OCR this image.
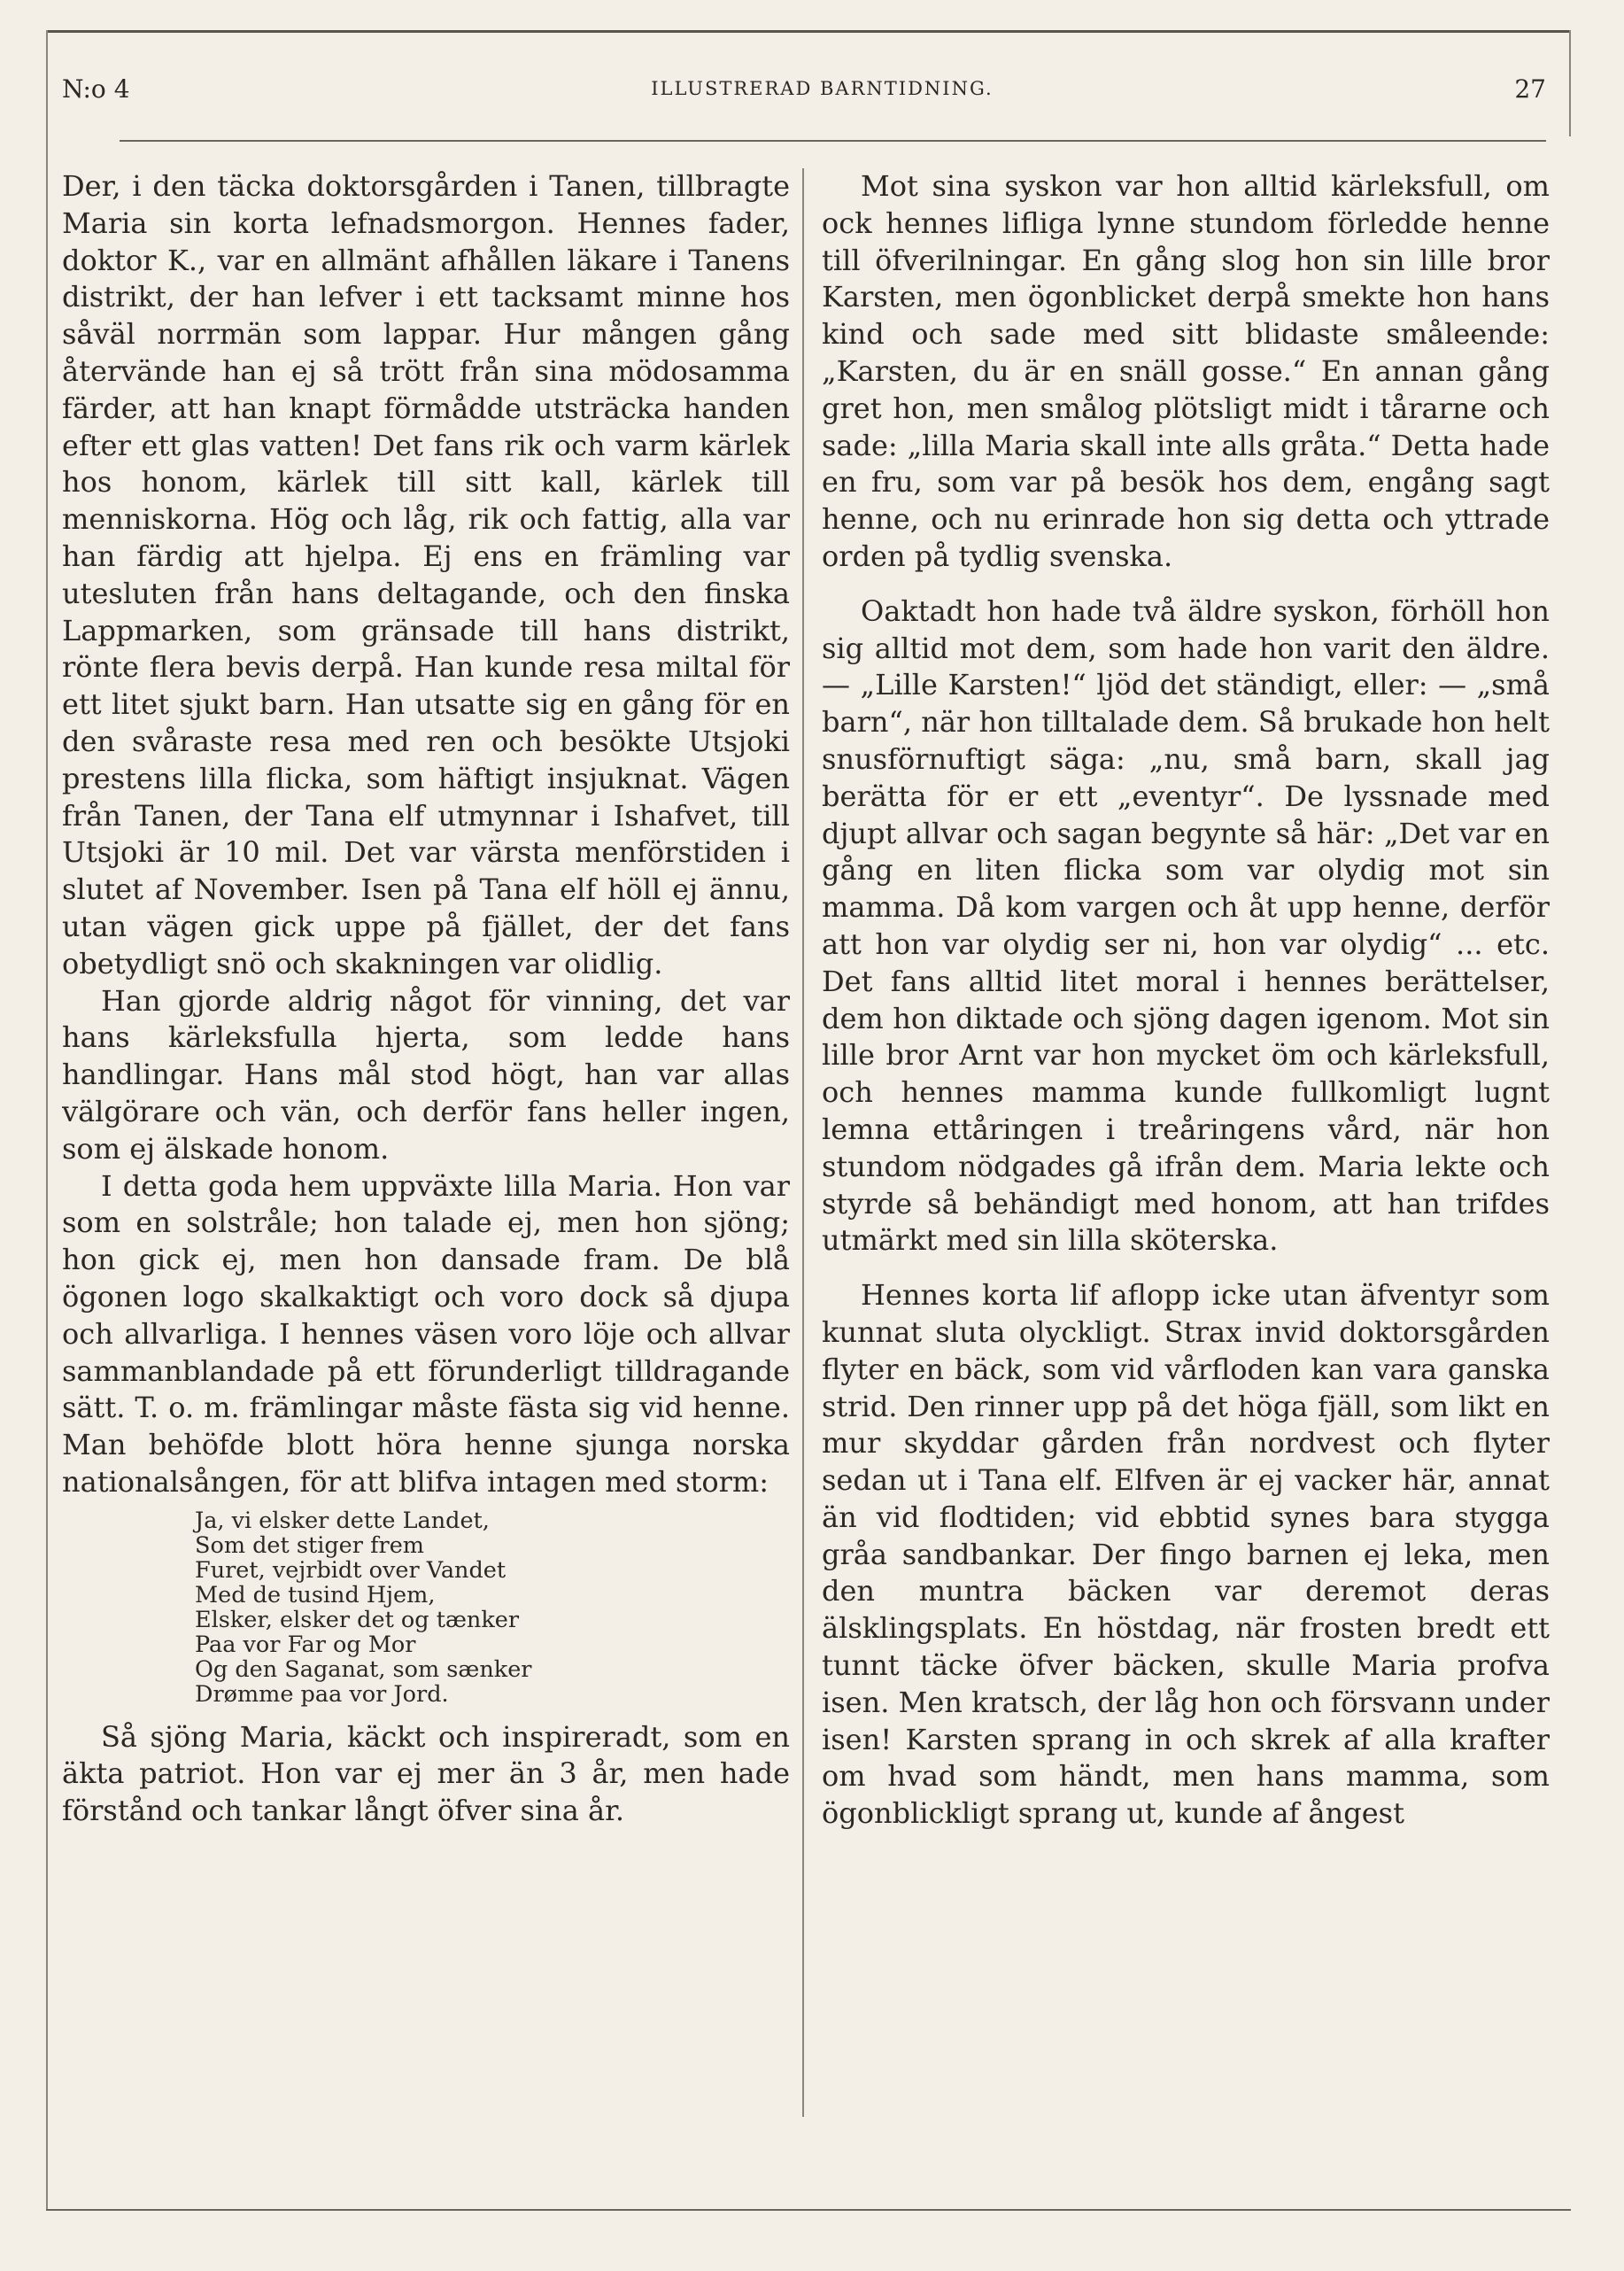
N:o 4	ILLUSTRERAD BARNTIDNING.	27

Der, i den täcka doktorsgården i Tanen, tillbragte Maria sin korta lefnadsmorgon. Hennes fader, doktor K., var en allmänt afhållen läkare i Tanens distrikt, der han lefver i ett tacksamt minne hos såväl norrmän som lappar. Hur mången gång återvände han ej så trött från sina mödosamma färder, att han knapt förmådde utsträcka handen efter ett glas vatten! Det fans rik och varm kärlek hos honom, kärlek till sitt kall, kärlek till menniskorna. Hög och låg, rik och fattig, alla var han färdig att hjelpa. Ej ens en främling var utesluten från hans deltagande, och den finska Lappmarken, som gränsade till hans distrikt, rönte flera bevis derpå. Han kunde resa miltal för ett litet sjukt barn. Han utsatte sig en gång för en den svåraste resa med ren och besökte Utsjoki prestens lilla flicka, som häftigt insjuknat. Vägen från Tanen, der Tana elf utmynnar i Ishafvet, till Utsjoki är 10 mil. Det var värsta menförstiden i slutet af November. Isen på Tana elf höll ej ännu, utan vägen gick uppe på fjället, der det fans obetydligt snö och skakningen var olidlig.

Han gjorde aldrig något för vinning, det var hans kärleksfulla hjerta, som ledde hans handlingar. Hans mål stod högt, han var allas välgörare och vän, och derför fans heller ingen, som ej älskade honom.

I detta goda hem uppväxte lilla Maria. Hon var som en solstråle; hon talade ej, men hon sjöng; hon gick ej, men hon dansade fram. De blå ögonen logo skalkaktigt och voro dock så djupa och allvarliga. I hennes väsen voro löje och allvar sammanblandade på ett förunderligt tilldragande sätt. T. o. m. främlingar måste fästa sig vid henne. Man behöfde blott höra henne sjunga norska nationalsången, för att blifva intagen med storm:

Ja, vi elsker dette Landet,
Som det stiger frem
Furet, vejrbidt over Vandet
Med de tusind Hjem,
Elsker, elsker det og tænker
Paa vor Far og Mor
Og den Saganat, som sænker
Drømme paa vor Jord.

Så sjöng Maria, käckt och inspireradt, som en äkta patriot. Hon var ej mer än 3 år, men hade förstånd och tankar långt öfver sina år.

Mot sina syskon var hon alltid kärleksfull, om ock hennes lifliga lynne stundom förledde henne till öfverilningar. En gång slog hon sin lille bror Karsten, men ögonblicket derpå smekte hon hans kind och sade med sitt blidaste småleende: „Karsten, du är en snäll gosse.“ En annan gång gret hon, men smålog plötsligt midt i tårarne och sade: „lilla Maria skall inte alls gråta.“ Detta hade en fru, som var på besök hos dem, engång sagt henne, och nu erinrade hon sig detta och yttrade orden på tydlig svenska.

Oaktadt hon hade två äldre syskon, förhöll hon sig alltid mot dem, som hade hon varit den äldre. — „Lille Karsten!“ ljöd det ständigt, eller: — „små barn“, när hon tilltalade dem. Så brukade hon helt snusförnuftigt säga: „nu, små barn, skall jag berätta för er ett „eventyr“. De lyssnade med djupt allvar och sagan begynte så här: „Det var en gång en liten flicka som var olydig mot sin mamma. Då kom vargen och åt upp henne, derför att hon var olydig ser ni, hon var olydig“ ... etc. Det fans alltid litet moral i hennes berättelser, dem hon diktade och sjöng dagen igenom. Mot sin lille bror Arnt var hon mycket öm och kärleksfull, och hennes mamma kunde fullkomligt lugnt lemna ettåringen i treåringens vård, när hon stundom nödgades gå ifrån dem. Maria lekte och styrde så behändigt med honom, att han trifdes utmärkt med sin lilla sköterska.

Hennes korta lif aflopp icke utan äfventyr som kunnat sluta olyckligt. Strax invid doktorsgården flyter en bäck, som vid vårfloden kan vara ganska strid. Den rinner upp på det höga fjäll, som likt en mur skyddar gården från nordvest och flyter sedan ut i Tana elf. Elfven är ej vacker här, annat än vid flodtiden; vid ebbtid synes bara stygga gråa sandbankar. Der fingo barnen ej leka, men den muntra bäcken var deremot deras älsklingsplats. En höstdag, när frosten bredt ett tunnt täcke öfver bäcken, skulle Maria profva isen. Men kratsch, der låg hon och försvann under isen! Karsten sprang in och skrek af alla krafter om hvad som händt, men hans mamma, som ögonblickligt sprang ut, kunde af ångest
